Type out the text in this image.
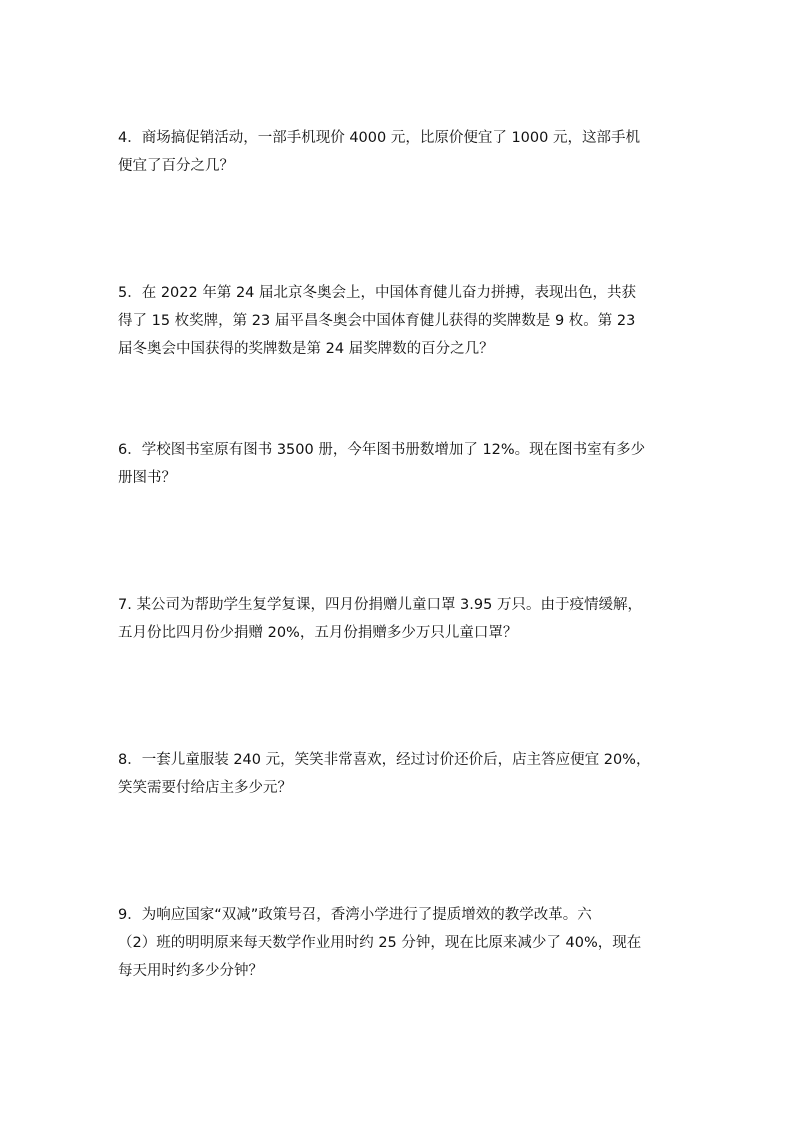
4．商场搞促销活动，一部手机现价 4000 元，比原价便宜了 1000 元，这部手机
便宜了百分之几？
5．在 2022 年第 24 届北京冬奥会上，中国体育健儿奋力拼搏，表现出色，共获
得了 15 枚奖牌，第 23 届平昌冬奥会中国体育健儿获得的奖牌数是 9 枚。第 23
届冬奥会中国获得的奖牌数是第 24 届奖牌数的百分之几？
6．学校图书室原有图书 3500 册，今年图书册数增加了 12%。现在图书室有多少
册图书？
7. 某公司为帮助学生复学复课，四月份捐赠儿童口罩 3.95 万只。由于疫情缓解，
五月份比四月份少捐赠 20%，五月份捐赠多少万只儿童口罩？
8．一套儿童服装 240 元，笑笑非常喜欢，经过讨价还价后，店主答应便宜 20%，
笑笑需要付给店主多少元？
9．为响应国家“双减”政策号召，香湾小学进行了提质增效的教学改革。六
（2）班的明明原来每天数学作业用时约 25 分钟，现在比原来减少了 40%，现在
每天用时约多少分钟？
